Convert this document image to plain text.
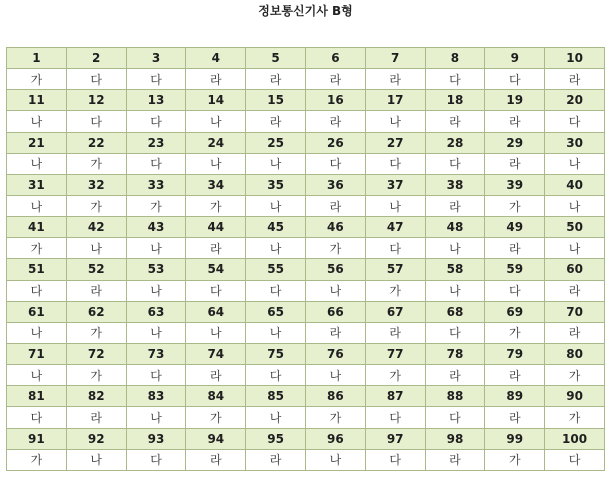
정보통신기사 B형
1	2	3	4	5	6	7	8	9	10
가	다	다	라	라	라	라	다	다	라
11	12	13	14	15	16	17	18	19	20
나	다	다	나	라	라	나	라	라	다
21	22	23	24	25	26	27	28	29	30
나	가	다	나	나	다	다	다	라	나
31	32	33	34	35	36	37	38	39	40
나	가	가	가	나	라	나	라	가	나
41	42	43	44	45	46	47	48	49	50
가	나	나	라	나	가	다	나	라	나
51	52	53	54	55	56	57	58	59	60
다	라	나	다	다	나	가	나	다	라
61	62	63	64	65	66	67	68	69	70
나	가	나	나	나	라	라	다	가	라
71	72	73	74	75	76	77	78	79	80
나	가	다	라	다	나	가	라	라	가
81	82	83	84	85	86	87	88	89	90
다	라	나	가	나	가	다	다	라	가
91	92	93	94	95	96	97	98	99	100
가	나	다	라	라	나	다	라	가	다
